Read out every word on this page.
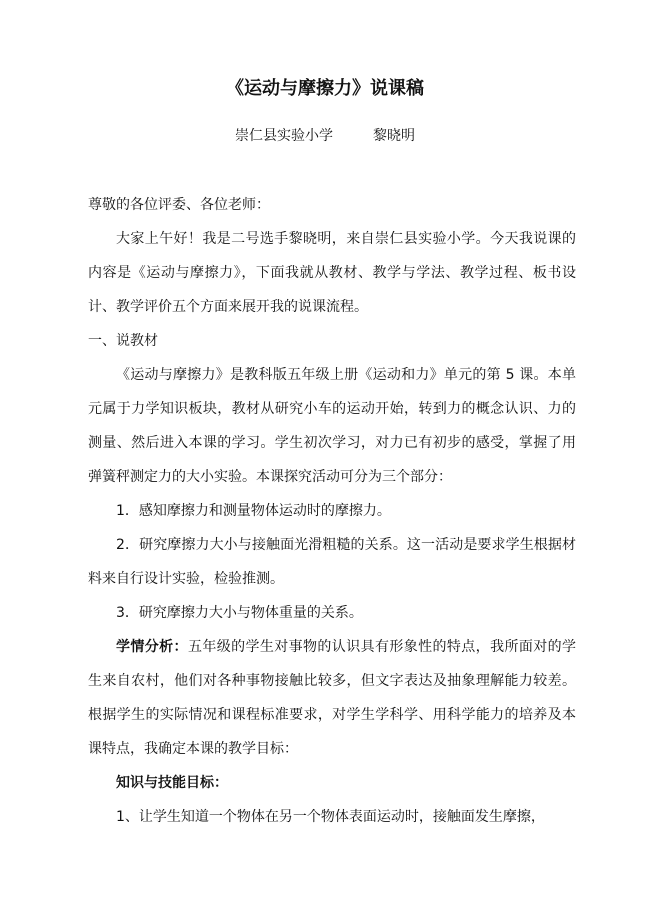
《运动与摩擦力》说课稿
崇仁县实验小学	黎晓明

尊敬的各位评委、各位老师：

大家上午好！我是二号选手黎晓明，来自崇仁县实验小学。今天我说课的内容是《运动与摩擦力》，下面我就从教材、教学与学法、教学过程、板书设计、教学评价五个方面来展开我的说课流程。

一、说教材

《运动与摩擦力》是教科版五年级上册《运动和力》单元的第 5 课。本单元属于力学知识板块，教材从研究小车的运动开始，转到力的概念认识、力的测量、然后进入本课的学习。学生初次学习，对力已有初步的感受，掌握了用弹簧秤测定力的大小实验。本课探究活动可分为三个部分：

1．感知摩擦力和测量物体运动时的摩擦力。

2．研究摩擦力大小与接触面光滑粗糙的关系。这一活动是要求学生根据材料来自行设计实验，检验推测。

3．研究摩擦力大小与物体重量的关系。

学情分析：五年级的学生对事物的认识具有形象性的特点，我所面对的学生来自农村，他们对各种事物接触比较多，但文字表达及抽象理解能力较差。根据学生的实际情况和课程标准要求，对学生学科学、用科学能力的培养及本课特点，我确定本课的教学目标：

知识与技能目标：

1、让学生知道一个物体在另一个物体表面运动时，接触面发生摩擦，
